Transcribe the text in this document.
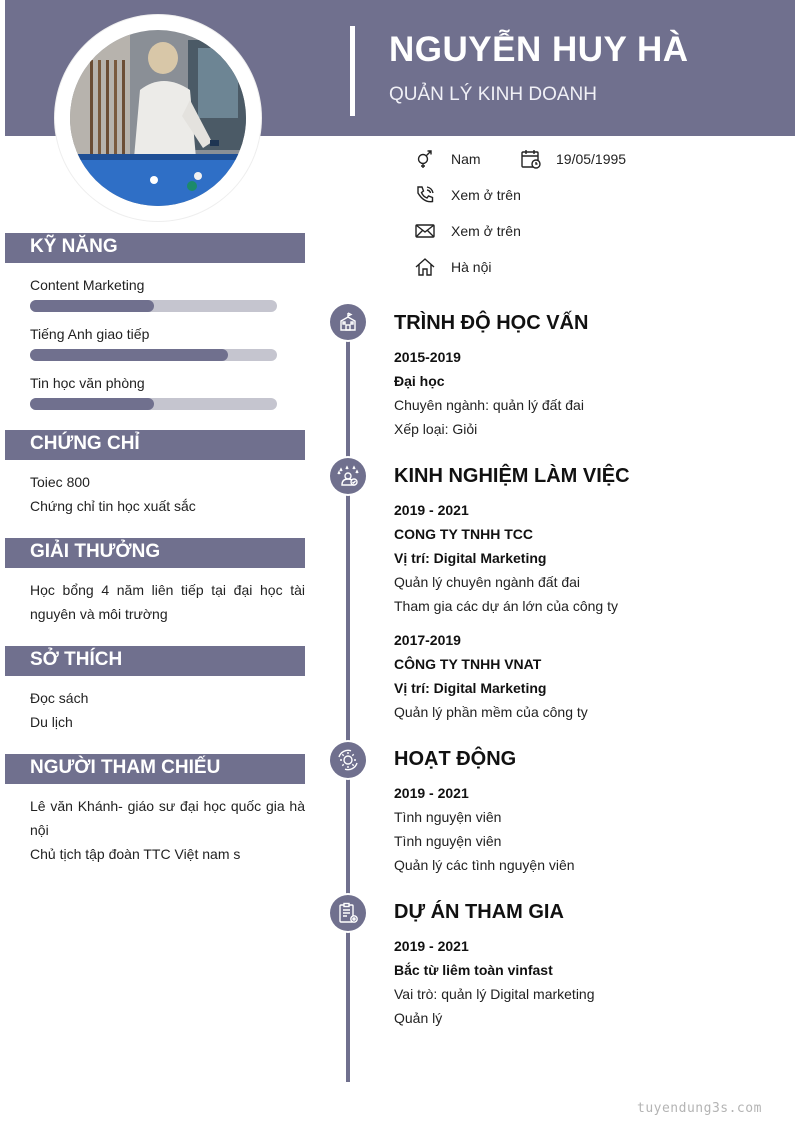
NGUYỄN HUY HÀ
QUẢN LÝ KINH DOANH
Nam	19/05/1995
Xem ở trên
Xem ở trên
Hà nội
KỸ NĂNG
Content Marketing
Tiếng Anh giao tiếp
Tin học văn phòng
CHỨNG CHỈ
Toiec 800
Chứng chỉ tin học xuất sắc
GIẢI THƯỞNG
Học bổng 4 năm liên tiếp tại đại học tài nguyên và môi trường
SỞ THÍCH
Đọc sách
Du lịch
NGƯỜI THAM CHIẾU
Lê văn Khánh- giáo sư đại học quốc gia hà nội
Chủ tịch tập đoàn TTC Việt nam s
TRÌNH ĐỘ HỌC VẤN
2015-2019
Đại học
Chuyên ngành: quản lý đất đai
Xếp loại: Giỏi
KINH NGHIỆM LÀM VIỆC
2019 - 2021
CONG TY TNHH TCC
Vị trí: Digital Marketing
Quản lý chuyên ngành đất đai
Tham gia các dự án lớn của công ty
2017-2019
CÔNG TY TNHH VNAT
Vị trí: Digital Marketing
Quản lý phần mềm của công ty
HOẠT ĐỘNG
2019 - 2021
Tình nguyện viên
Tình nguyện viên
Quản lý các tình nguyện viên
DỰ ÁN THAM GIA
2019 - 2021
Bắc từ liêm toàn vinfast
Vai trò: quản lý Digital marketing
Quản lý
tuyendung3s.com
